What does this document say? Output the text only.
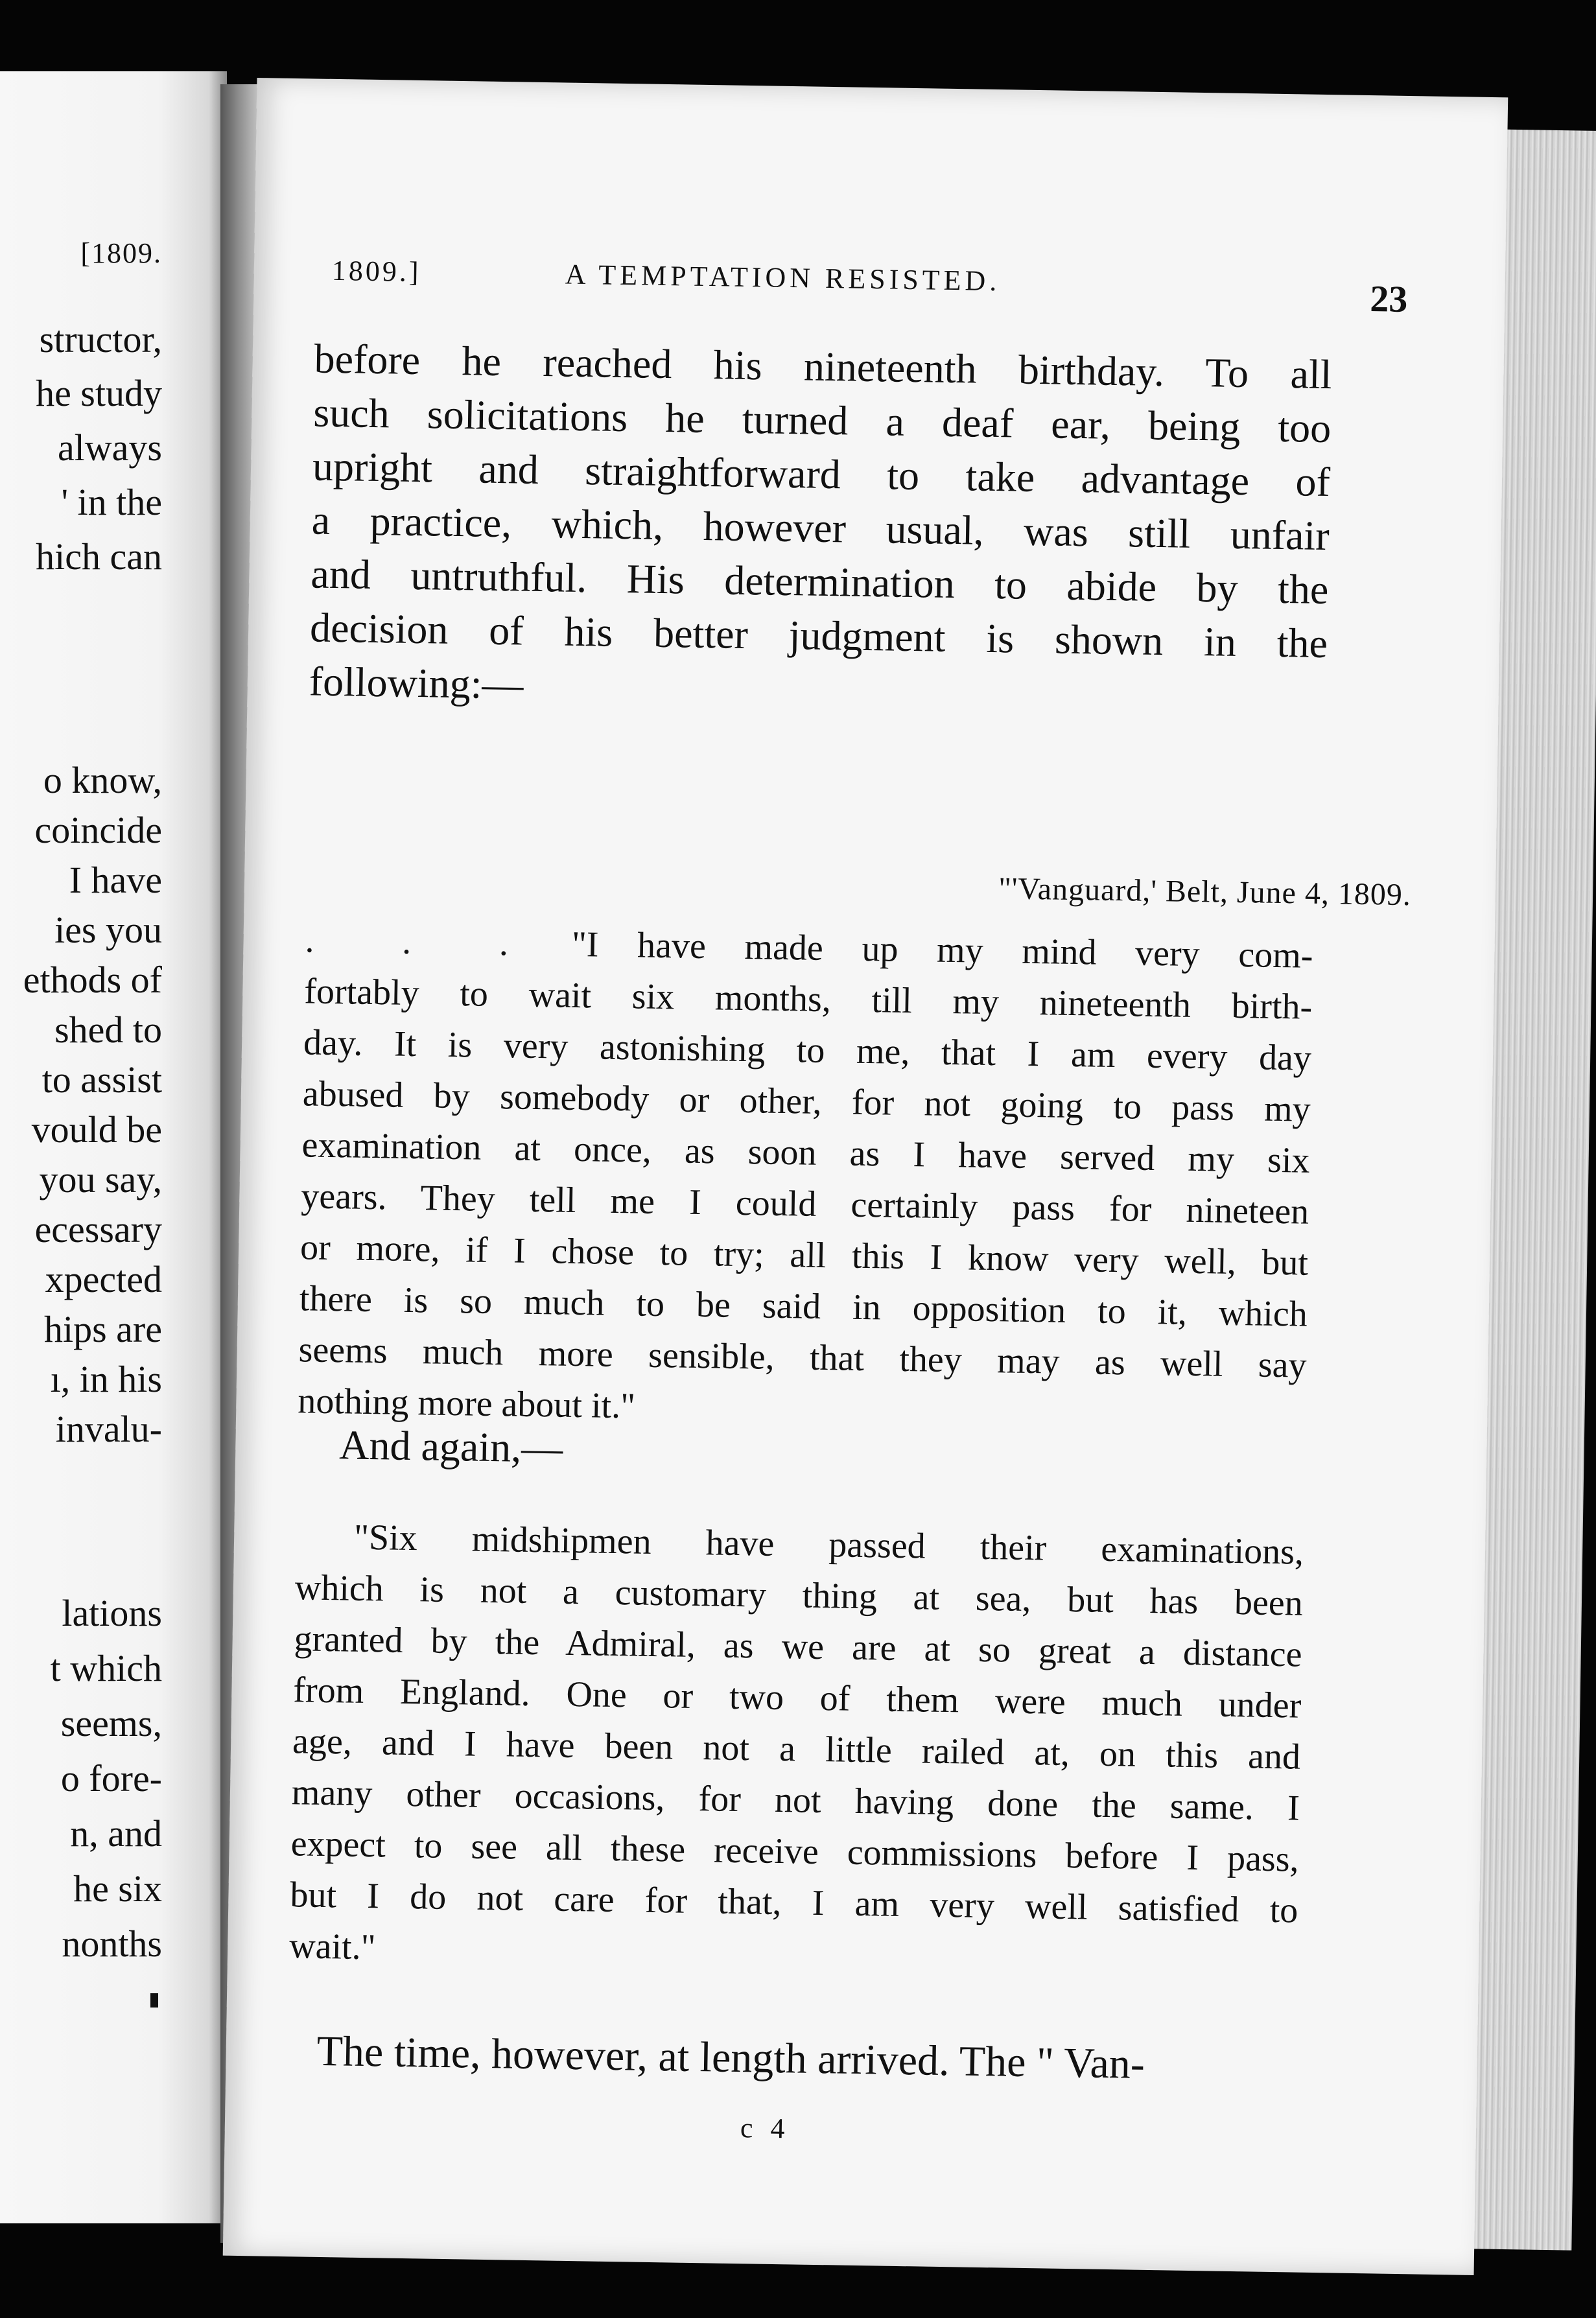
[1809.
structor,
he study
always
' in the
hich can
o know,
coincide
I have
ies you
ethods of
shed to
to assist
vould be
you say,
ecessary
xpected
hips are
ı, in his
invalu-
lations
t which
seems,
o fore-
n, and
he six
nonths
1809.]	A TEMPTATION RESISTED.	23
before he reached his nineteenth birthday. To all
such solicitations he turned a deaf ear, being too
upright and straightforward to take advantage of
a practice, which, however usual, was still unfair
and untruthful. His determination to abide by the
decision of his better judgment is shown in the
following:—
"'Vanguard,' Belt, June 4, 1809.
. . . "I have made up my mind very com-
fortably to wait six months, till my nineteenth birth-
day. It is very astonishing to me, that I am every day
abused by somebody or other, for not going to pass my
examination at once, as soon as I have served my six
years. They tell me I could certainly pass for nineteen
or more, if I chose to try; all this I know very well, but
there is so much to be said in opposition to it, which
seems much more sensible, that they may as well say
nothing more about it."
And again,—
"Six midshipmen have passed their examinations,
which is not a customary thing at sea, but has been
granted by the Admiral, as we are at so great a distance
from England. One or two of them were much under
age, and I have been not a little railed at, on this and
many other occasions, for not having done the same. I
expect to see all these receive commissions before I pass,
but I do not care for that, I am very well satisfied to
wait."
The time, however, at length arrived. The " Van-
c 4
